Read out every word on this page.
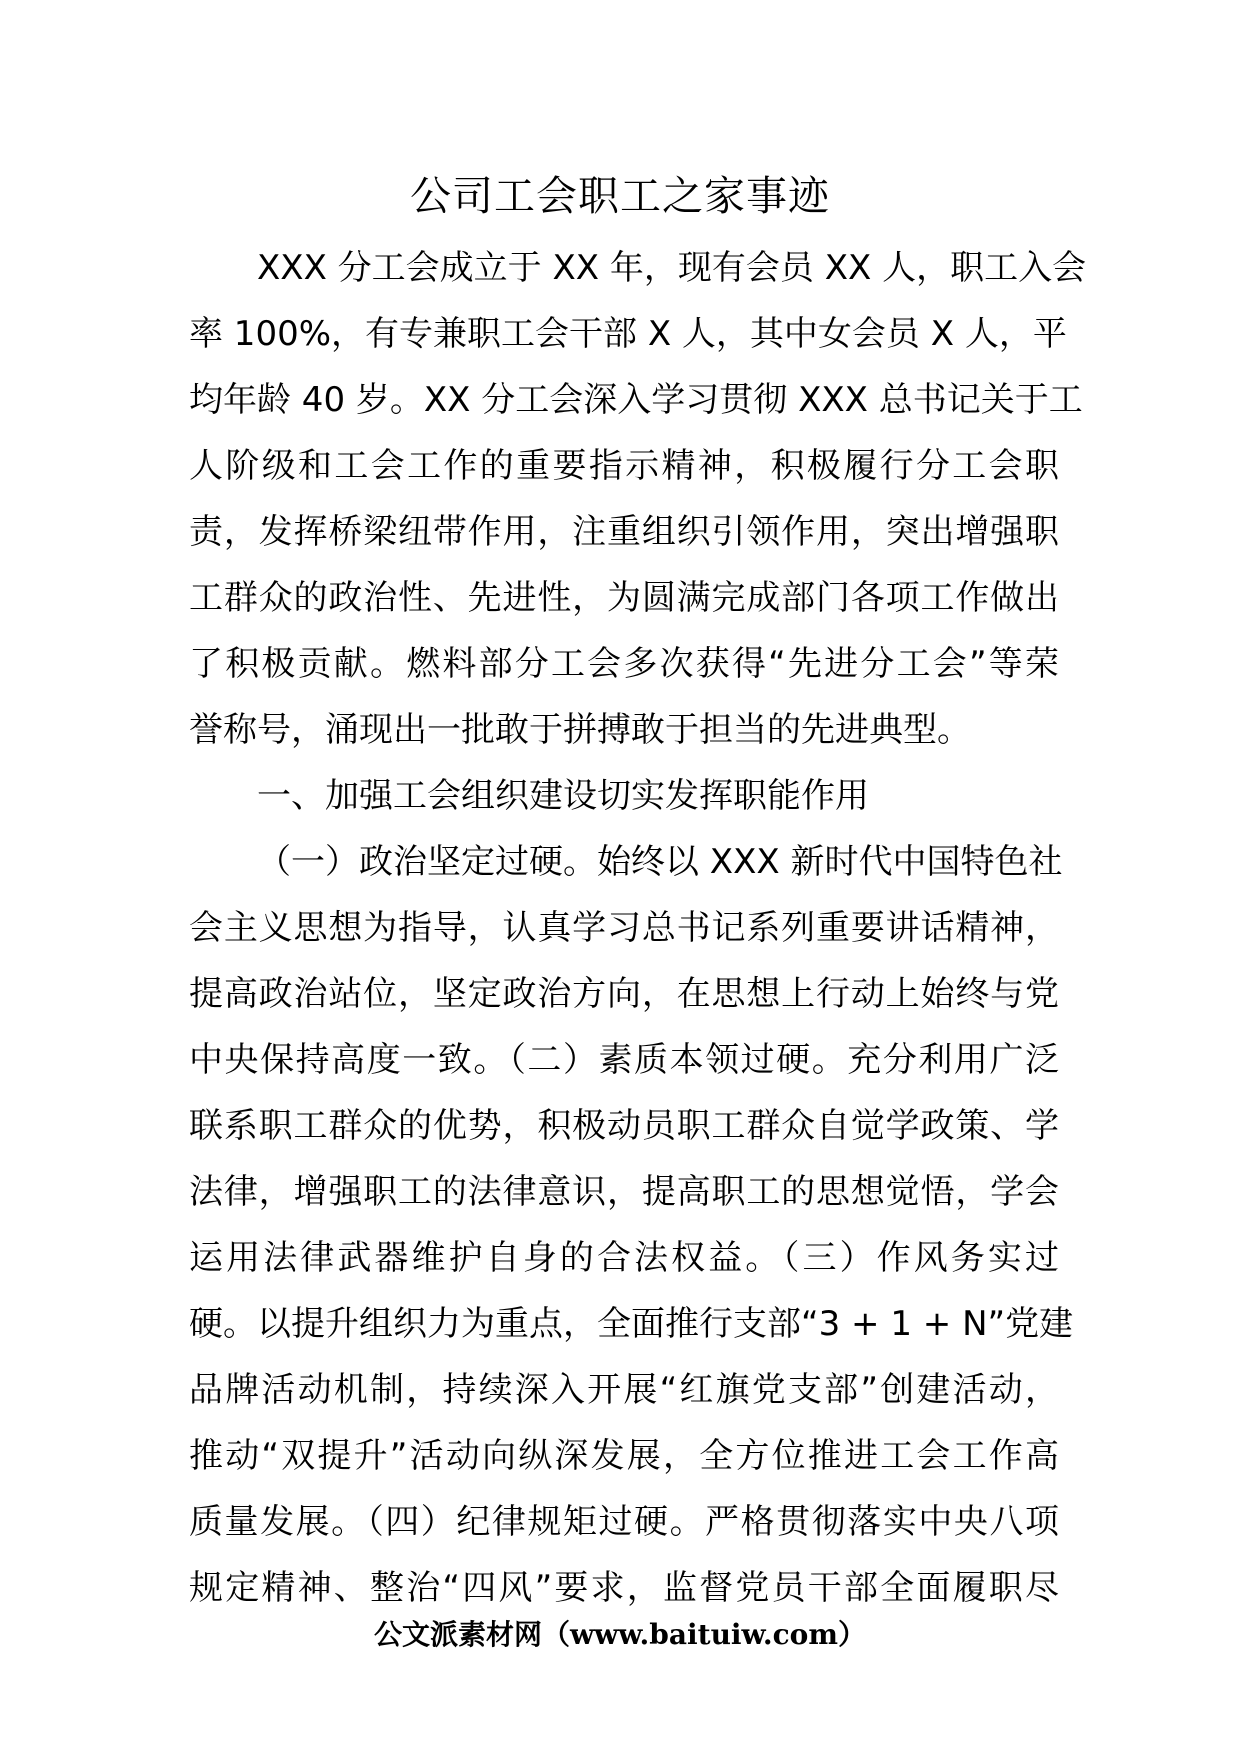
公司工会职工之家事迹
XXX 分工会成立于 XX 年，现有会员 XX 人，职工入会
率 100%，有专兼职工会干部 X 人，其中女会员 X 人，平
均年龄 40 岁。XX 分工会深入学习贯彻 XXX 总书记关于工
人阶级和工会工作的重要指示精神，积极履行分工会职
责，发挥桥梁纽带作用，注重组织引领作用，突出增强职
工群众的政治性、先进性，为圆满完成部门各项工作做出
了积极贡献。燃料部分工会多次获得“先进分工会”等荣
誉称号，涌现出一批敢于拼搏敢于担当的先进典型。
一、加强工会组织建设切实发挥职能作用
（一）政治坚定过硬。始终以 XXX 新时代中国特色社
会主义思想为指导，认真学习总书记系列重要讲话精神，
提高政治站位，坚定政治方向，在思想上行动上始终与党
中央保持高度一致。（二）素质本领过硬。充分利用广泛
联系职工群众的优势，积极动员职工群众自觉学政策、学
法律，增强职工的法律意识，提高职工的思想觉悟，学会
运用法律武器维护自身的合法权益。（三）作风务实过
硬。以提升组织力为重点，全面推行支部“3 + 1 + N”党建
品牌活动机制，持续深入开展“红旗党支部”创建活动，
推动“双提升”活动向纵深发展，全方位推进工会工作高
质量发展。（四）纪律规矩过硬。严格贯彻落实中央八项
规定精神、整治“四风”要求，监督党员干部全面履职尽
公文派素材网（www.baituiw.com）
